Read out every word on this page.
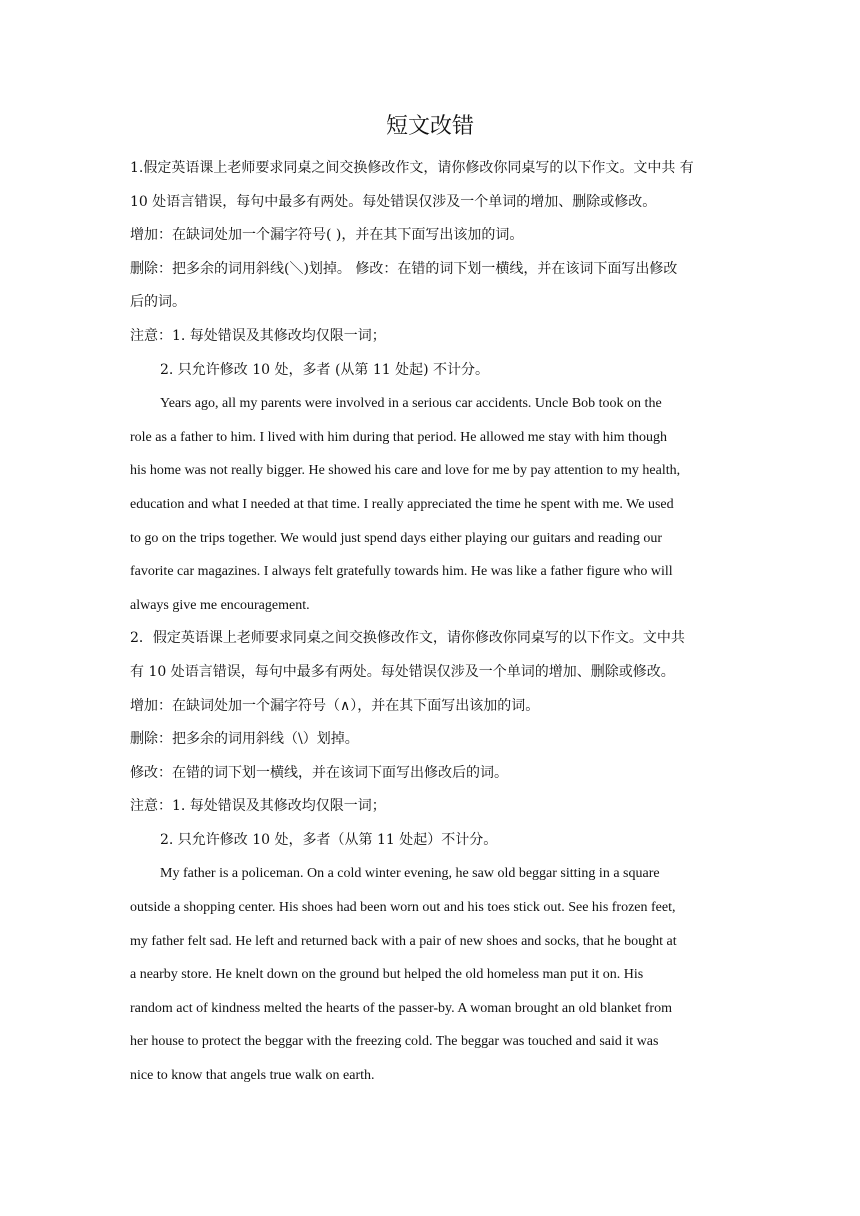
短文改错

1.假定英语课上老师要求同桌之间交换修改作文，请你修改你同桌写的以下作文。文中共 有

10 处语言错误，每句中最多有两处。每处错误仅涉及一个单词的增加、删除或修改。

增加：在缺词处加一个漏字符号( )，并在其下面写出该加的词。

删除：把多余的词用斜线(＼)划掉。 修改：在错的词下划一横线，并在该词下面写出修改

后的词。

注意：1. 每处错误及其修改均仅限一词；

2. 只允许修改 10 处，多者 (从第 11 处起) 不计分。

Years ago, all my parents were involved in a serious car accidents. Uncle Bob took on the

role as a father to him. I lived with him during that period. He allowed me stay with him though

his home was not really bigger. He showed his care and love for me by pay attention to my health,

education and what I needed at that time. I really appreciated the time he spent with me. We used

to go on the trips together. We would just spend days either playing our guitars and reading our

favorite car magazines. I always felt gratefully towards him. He was like a father figure who will

always give me encouragement.

2．假定英语课上老师要求同桌之间交换修改作文，请你修改你同桌写的以下作文。文中共

有 10 处语言错误，每句中最多有两处。每处错误仅涉及一个单词的增加、删除或修改。

增加：在缺词处加一个漏字符号（∧），并在其下面写出该加的词。

删除：把多余的词用斜线（\）划掉。

修改：在错的词下划一横线，并在该词下面写出修改后的词。

注意：1. 每处错误及其修改均仅限一词；

2. 只允许修改 10 处，多者（从第 11 处起）不计分。

My father is a policeman. On a cold winter evening, he saw old beggar sitting in a square

outside a shopping center. His shoes had been worn out and his toes stick out. See his frozen feet,

my father felt sad. He left and returned back with a pair of new shoes and socks, that he bought at

a nearby store. He knelt down on the ground but helped the old homeless man put it on. His

random act of kindness melted the hearts of the passer-by. A woman brought an old blanket from

her house to protect the beggar with the freezing cold. The beggar was touched and said it was

nice to know that angels true walk on earth.
